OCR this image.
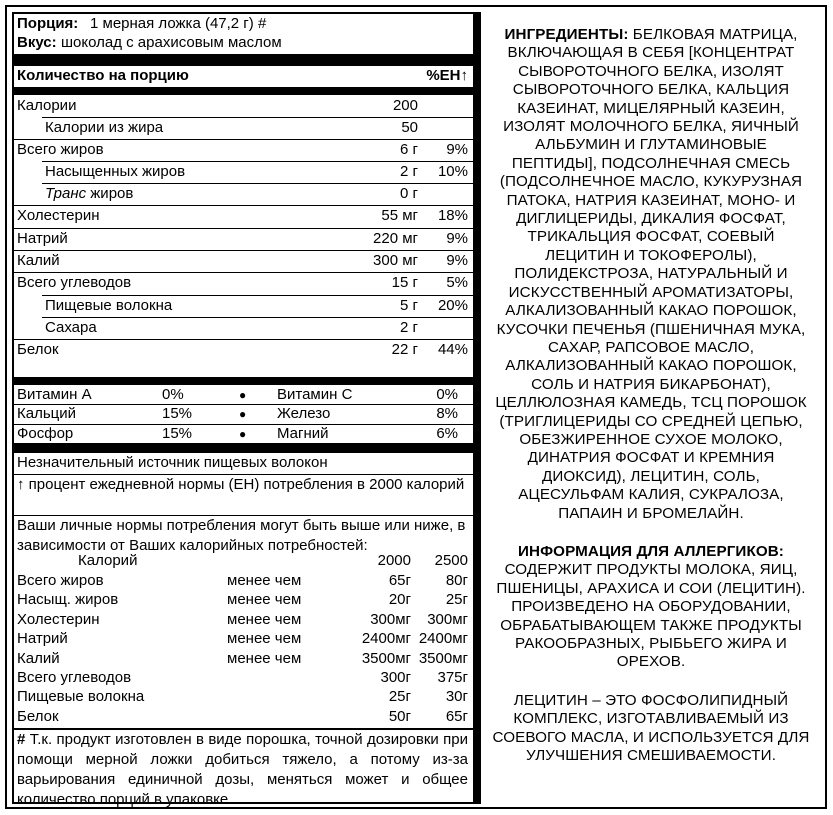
Порция: 1 мерная ложка (47,2 г) #
Вкус: шоколад с арахисовым маслом
Количество на порцию	%ЕН↑
Калории	200
Калории из жира	50
Всего жиров	6 г 9%
Насыщенных жиров	2 г 10%
Транс жиров	0 г
Холестерин	55 мг 18%
Натрий	220 мг 9%
Калий	300 мг 9%
Всего углеводов	15 г 5%
Пищевые волокна	5 г 20%
Сахара	2 г
Белок	22 г 44%
Витамин А	0%	● Витамин С	0%
Кальций	15%	● Железо	8%
Фосфор	15%	● Магний	6%
Незначительный источник пищевых волокон
↑ процент ежедневной нормы (ЕН) потребления в 2000 калорий
Ваши личные нормы потребления могут быть выше или ниже, в зависимости от Ваших калорийных потребностей:
Калорий	2000 2500
Всего жиров	менее чем	65г 80г
Насыщ. жиров	менее чем	20г 25г
Холестерин	менее чем	300мг 300мг
Натрий	менее чем	2400мг 2400мг
Калий	менее чем	3500мг 3500мг
Всего углеводов	300г 375г
Пищевые волокна	25г 30г
Белок	50г 65г
# Т.к. продукт изготовлен в виде порошка, точной дозировки при помощи мерной ложки добиться тяжело, а потому из-за варьирования единичной дозы, меняться может и общее количество порций в упаковке.

ИНГРЕДИЕНТЫ: БЕЛКОВАЯ МАТРИЦА, ВКЛЮЧАЮЩАЯ В СЕБЯ [КОНЦЕНТРАТ СЫВОРОТОЧНОГО БЕЛКА, ИЗОЛЯТ СЫВОРОТОЧНОГО БЕЛКА, КАЛЬЦИЯ КАЗЕИНАТ, МИЦЕЛЯРНЫЙ КАЗЕИН, ИЗОЛЯТ МОЛОЧНОГО БЕЛКА, ЯИЧНЫЙ АЛЬБУМИН И ГЛУТАМИНОВЫЕ ПЕПТИДЫ], ПОДСОЛНЕЧНАЯ СМЕСЬ (ПОДСОЛНЕЧНОЕ МАСЛО, КУКУРУЗНАЯ ПАТОКА, НАТРИЯ КАЗЕИНАТ, МОНО- И ДИГЛИЦЕРИДЫ, ДИКАЛИЯ ФОСФАТ, ТРИКАЛЬЦИЯ ФОСФАТ, СОЕВЫЙ ЛЕЦИТИН И ТОКОФЕРОЛЫ), ПОЛИДЕКСТРОЗА, НАТУРАЛЬНЫЙ И ИСКУССТВЕННЫЙ АРОМАТИЗАТОРЫ, АЛКАЛИЗОВАННЫЙ КАКАО ПОРОШОК, КУСОЧКИ ПЕЧЕНЬЯ (ПШЕНИЧНАЯ МУКА, САХАР, РАПСОВОЕ МАСЛО, АЛКАЛИЗОВАННЫЙ КАКАО ПОРОШОК, СОЛЬ И НАТРИЯ БИКАРБОНАТ), ЦЕЛЛЮЛОЗНАЯ КАМЕДЬ, ТСЦ ПОРОШОК (ТРИГЛИЦЕРИДЫ СО СРЕДНЕЙ ЦЕПЬЮ, ОБЕЗЖИРЕННОЕ СУХОЕ МОЛОКО, ДИНАТРИЯ ФОСФАТ И КРЕМНИЯ ДИОКСИД), ЛЕЦИТИН, СОЛЬ, АЦЕСУЛЬФАМ КАЛИЯ, СУКРАЛОЗА, ПАПАИН И БРОМЕЛАЙН.

ИНФОРМАЦИЯ ДЛЯ АЛЛЕРГИКОВ:
СОДЕРЖИТ ПРОДУКТЫ МОЛОКА, ЯИЦ, ПШЕНИЦЫ, АРАХИСА И СОИ (ЛЕЦИТИН). ПРОИЗВЕДЕНО НА ОБОРУДОВАНИИ, ОБРАБАТЫВАЮЩЕМ ТАКЖЕ ПРОДУКТЫ РАКООБРАЗНЫХ, РЫБЬЕГО ЖИРА И ОРЕХОВ.

ЛЕЦИТИН – ЭТО ФОСФОЛИПИДНЫЙ КОМПЛЕКС, ИЗГОТАВЛИВАЕМЫЙ ИЗ СОЕВОГО МАСЛА, И ИСПОЛЬЗУЕТСЯ ДЛЯ УЛУЧШЕНИЯ СМЕШИВАЕМОСТИ.
